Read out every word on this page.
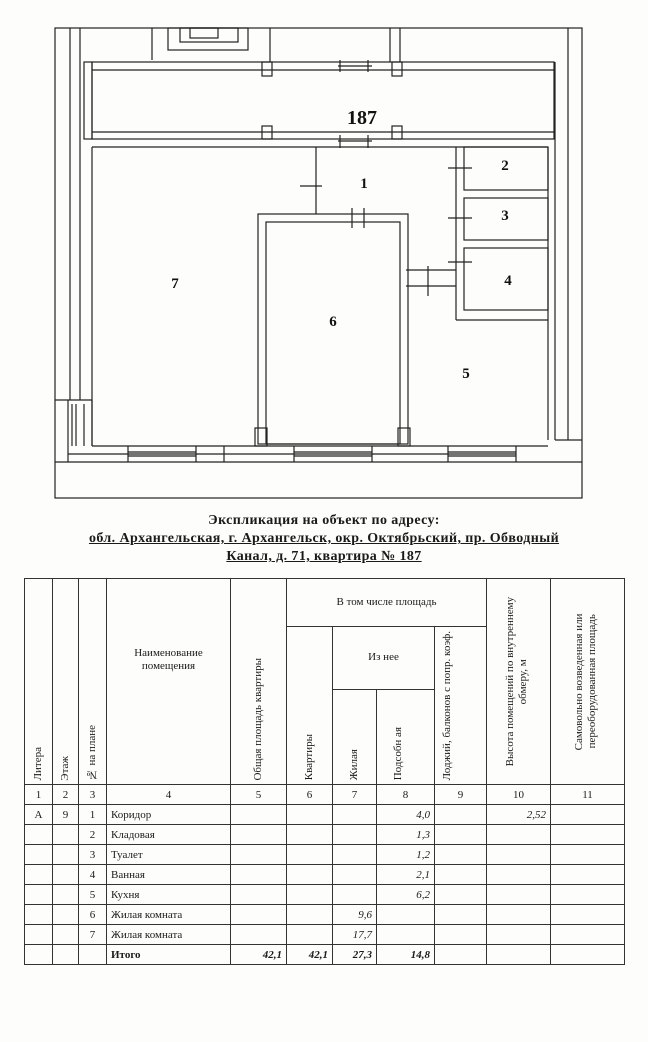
187
1
2
3
4
5
6
7
Экспликация на объект по адресу:
обл. Архангельская, г. Архангельск, окр. Октябрьский, пр. Обводный
Канал, д. 71, квартира № 187
Литера	Этаж	№ на плане	Наименование помещения	Общая площадь квартиры	В том числе площадь				Высота помещений по внутреннему обмеру, м	Самовольно возведенная или переоборудованная площадь

					Квартиры	Из нее		Лоджий, балконов с попр. коэф.		

						Жилая	Подсобн ая			

1	2	3	4	5	6	7	8	9	10	11
А	9	1	Коридор				4,0		2,52	
		2	Кладовая				1,3			
		3	Туалет				1,2			
		4	Ванная				2,1			
		5	Кухня				6,2			
		6	Жилая комната			9,6				
		7	Жилая комната			17,7				
			Итого	42,1	42,1	27,3	14,8			
